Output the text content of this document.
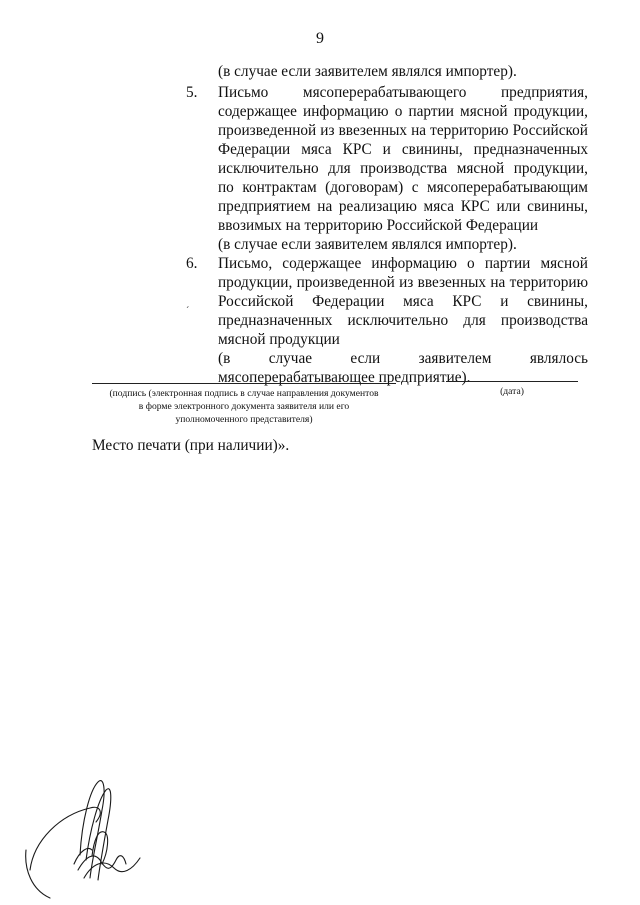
9
(в случае если заявителем являлся импортер).
5. Письмо мясоперерабатывающего предприятия,
содержащее информацию о партии мясной продукции,
произведенной из ввезенных на территорию Российской
Федерации мяса КРС и свинины, предназначенных
исключительно для производства мясной продукции,
по контрактам (договорам) с мясоперерабатывающим
предприятием на реализацию мяса КРС или свинины,
ввозимых на территорию Российской Федерации
(в случае если заявителем являлся импортер).
6. Письмо, содержащее информацию о партии мясной
продукции, произведенной из ввезенных на территорию
Российской Федерации мяса КРС и свинины,
предназначенных исключительно для производства
мясной продукции
(в случае если заявителем являлось
мясоперерабатывающее предприятие).
ˊ
(подпись (электронная подпись в случае направления документов
в форме электронного документа заявителя или его
уполномоченного представителя)
(дата)
Место печати (при наличии)».
